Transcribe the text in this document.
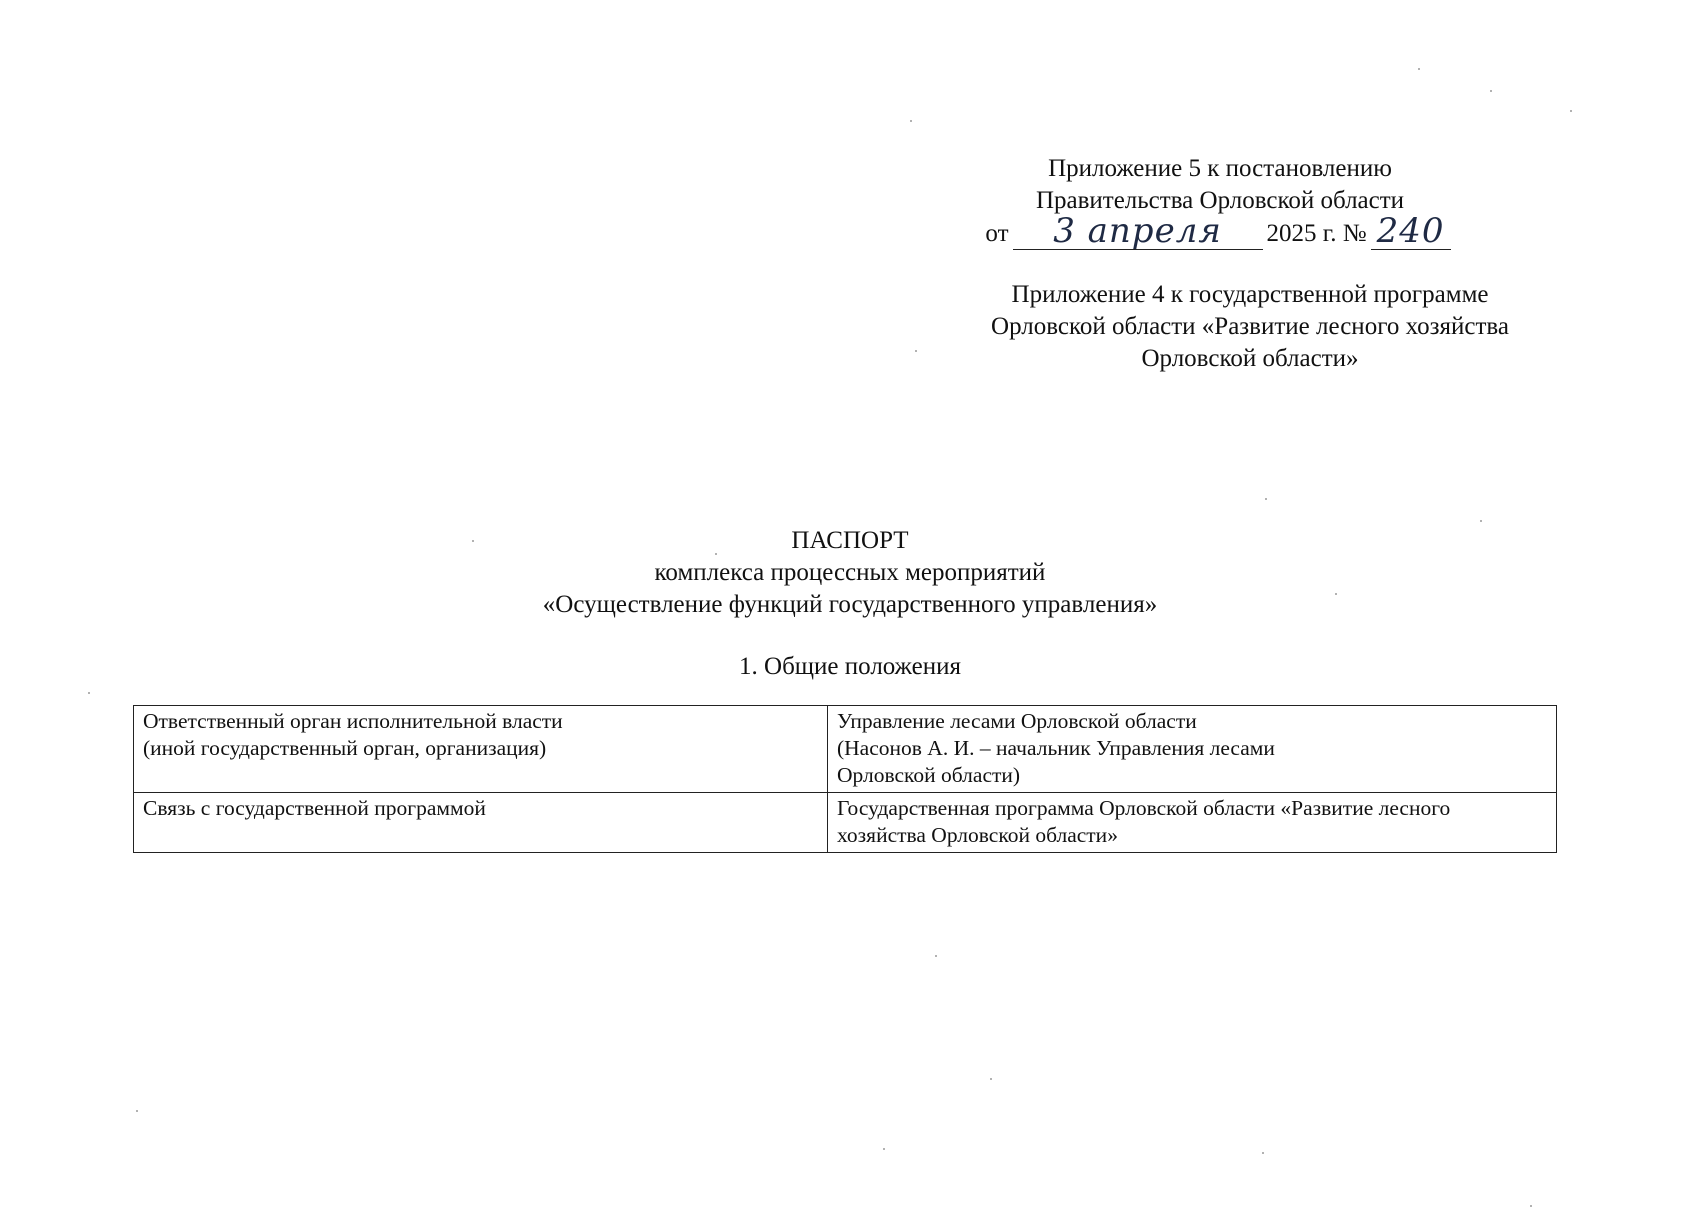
Приложение 5 к постановлению
Правительства Орловской области
от	3 апреля	2025 г. № 240
Приложение 4 к государственной программе
Орловской области «Развитие лесного хозяйства
Орловской области»
ПАСПОРТ
комплекса процессных мероприятий
«Осуществление функций государственного управления»
1. Общие положения
Ответственный орган исполнительной власти
(иной государственный орган, организация)	Управление лесами Орловской области
(Насонов А. И. – начальник Управления лесами
Орловской области)

Связь с государственной программой	Государственная программа Орловской области «Развитие лесного
хозяйства Орловской области»
